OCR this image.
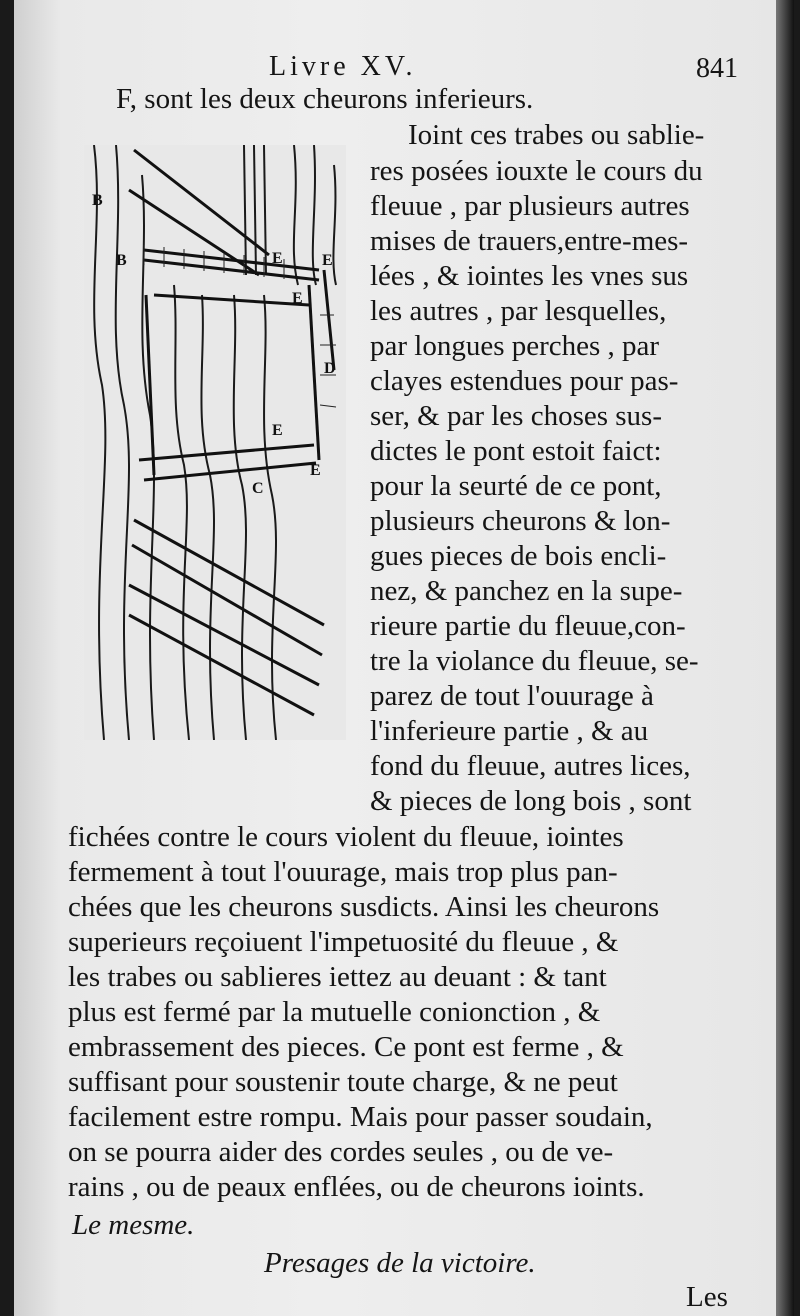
Livre XV.	841
F, sont les deux cheurons inferieurs.
B
B	E E
E
D
E
C
E
Ioint ces trabes ou sablie-
res posées iouxte le cours du
fleuue , par plusieurs autres
mises de trauers,entre-mes-
lées , & iointes les vnes sus
les autres , par lesquelles,
par longues perches , par
clayes estendues pour pas-
ser, & par les choses sus-
dictes le pont estoit faict:
pour la seurté de ce pont,
plusieurs cheurons & lon-
gues pieces de bois encli-
nez, & panchez en la supe-
rieure partie du fleuue,con-
tre la violance du fleuue, se-
parez de tout l'ouurage à
l'inferieure partie , & au
fond du fleuue, autres lices,
& pieces de long bois , sont
fichées contre le cours violent du fleuue, iointes
fermement à tout l'ouurage, mais trop plus pan-
chées que les cheurons susdicts. Ainsi les cheurons
superieurs reçoiuent l'impetuosité du fleuue , &
les trabes ou sablieres iettez au deuant : & tant
plus est fermé par la mutuelle conionction , &
embrassement des pieces. Ce pont est ferme , &
suffisant pour soustenir toute charge, & ne peut
facilement estre rompu. Mais pour passer soudain,
on se pourra aider des cordes seules , ou de ve-
rains , ou de peaux enflées, ou de cheurons ioints.
Le mesme.
Presages de la victoire.
Les
